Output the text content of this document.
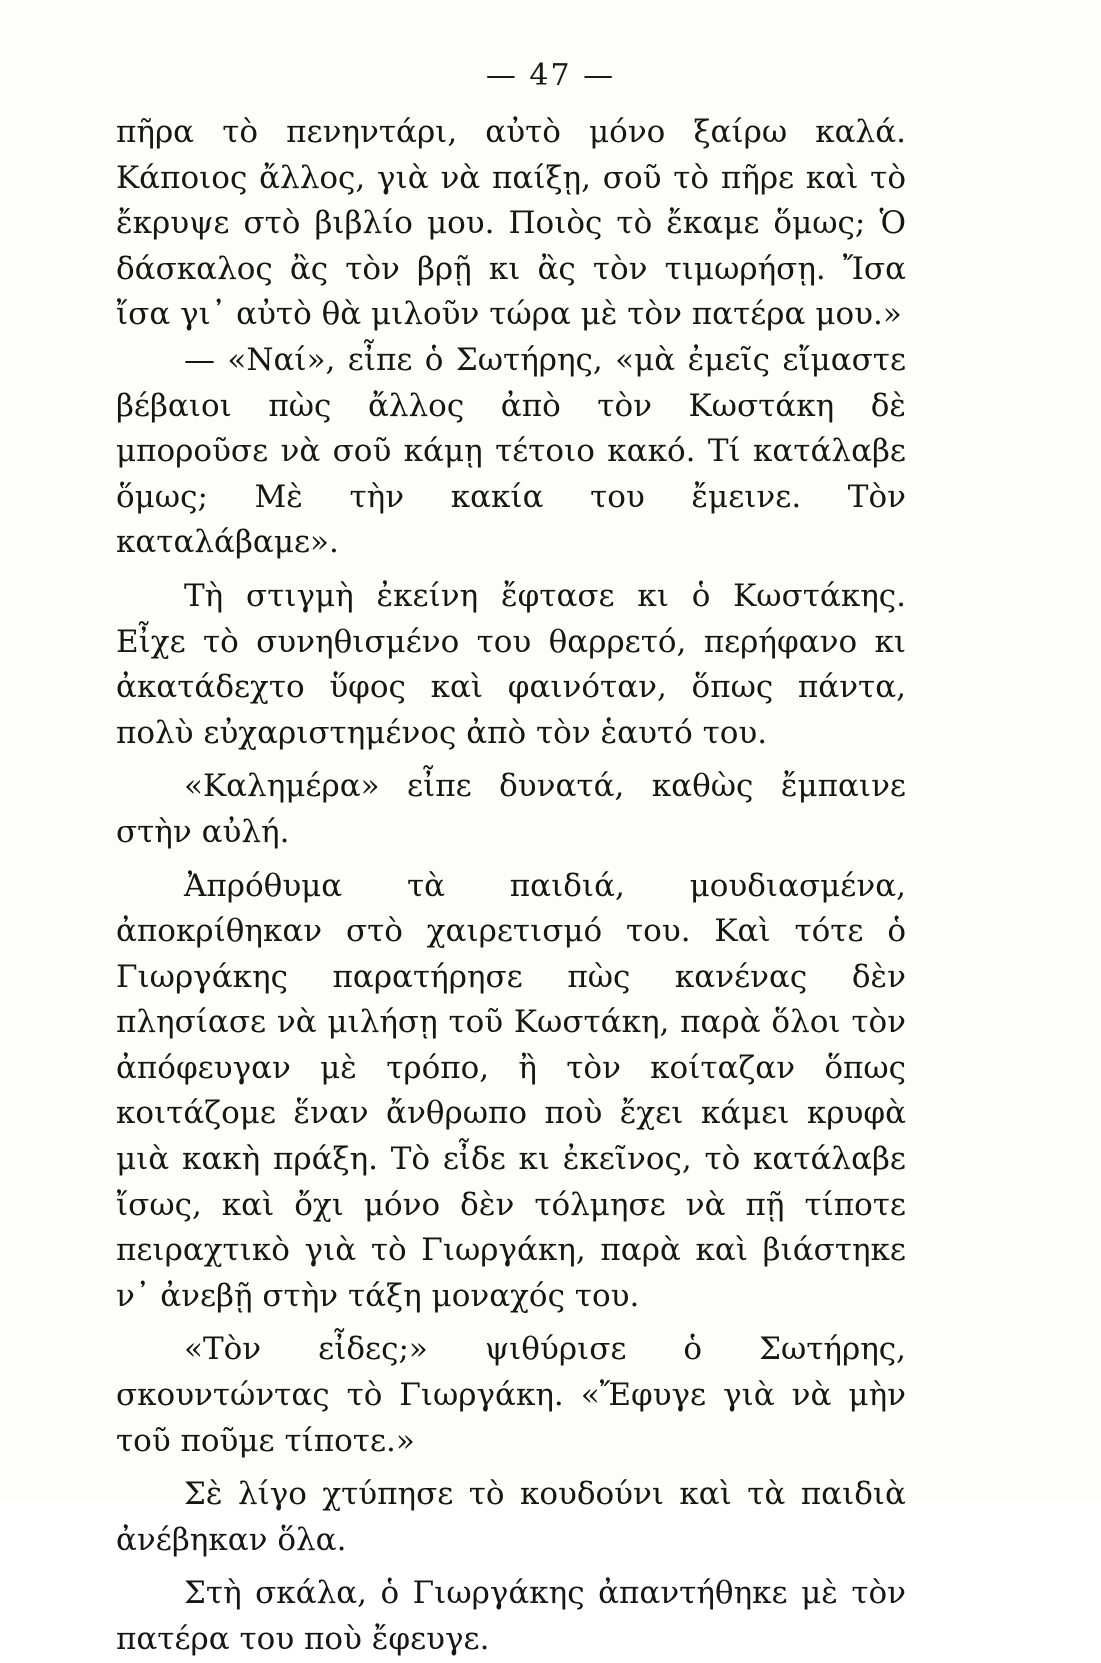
— 47 —

πῆρα τὸ πενηντάρι, αὐτὸ μόνο ξαίρω καλά. Κάποιος ἄλλος, γιὰ νὰ παίξῃ, σοῦ τὸ πῆρε καὶ τὸ ἔκρυψε στὸ βιβλίο μου. Ποιὸς τὸ ἔκαμε ὅμως; Ὁ δάσκαλος ἂς τὸν βρῇ κι ἂς τὸν τιμωρήσῃ. Ἴσα ἴσα γι᾿ αὐτὸ θὰ μιλοῦν τώρα μὲ τὸν πατέρα μου.»

— «Ναί», εἶπε ὁ Σωτήρης, «μὰ ἐμεῖς εἴμαστε βέβαιοι πὼς ἄλλος ἀπὸ τὸν Κωστάκη δὲ μποροῦσε νὰ σοῦ κάμῃ τέτοιο κακό. Τί κατάλαβε ὅμως; Μὲ τὴν κακία του ἔμεινε. Τὸν καταλάβαμε».

Τὴ στιγμὴ ἐκείνη ἔφτασε κι ὁ Κωστάκης. Εἶχε τὸ συνηθισμένο του θαρρετό, περήφανο κι ἀκατάδεχτο ὕφος καὶ φαινόταν, ὅπως πάντα, πολὺ εὐχαριστημένος ἀπὸ τὸν ἑαυτό του.

«Καλημέρα» εἶπε δυνατά, καθὼς ἔμπαινε στὴν αὐλή.

Ἀπρόθυμα τὰ παιδιά, μουδιασμένα, ἀποκρίθηκαν στὸ χαιρετισμό του. Καὶ τότε ὁ Γιωργάκης παρατήρησε πὼς κανένας δὲν πλησίασε νὰ μιλήσῃ τοῦ Κωστάκη, παρὰ ὅλοι τὸν ἀπόφευγαν μὲ τρόπο, ἢ τὸν κοίταζαν ὅπως κοιτάζομε ἕναν ἄνθρωπο ποὺ ἔχει κάμει κρυφὰ μιὰ κακὴ πράξη. Τὸ εἶδε κι ἐκεῖνος, τὸ κατάλαβε ἴσως, καὶ ὄχι μόνο δὲν τόλμησε νὰ πῇ τίποτε πειραχτικὸ γιὰ τὸ Γιωργάκη, παρὰ καὶ βιάστηκε ν᾿ ἀνεβῇ στὴν τάξη μοναχός του.

«Τὸν εἶδες;» ψιθύρισε ὁ Σωτήρης, σκουντώντας τὸ Γιωργάκη. «Ἔφυγε γιὰ νὰ μὴν τοῦ ποῦμε τίποτε.»

Σὲ λίγο χτύπησε τὸ κουδούνι καὶ τὰ παιδιὰ ἀνέβηκαν ὅλα.

Στὴ σκάλα, ὁ Γιωργάκης ἀπαντήθηκε μὲ τὸν πατέρα του ποὺ ἔφευγε.
